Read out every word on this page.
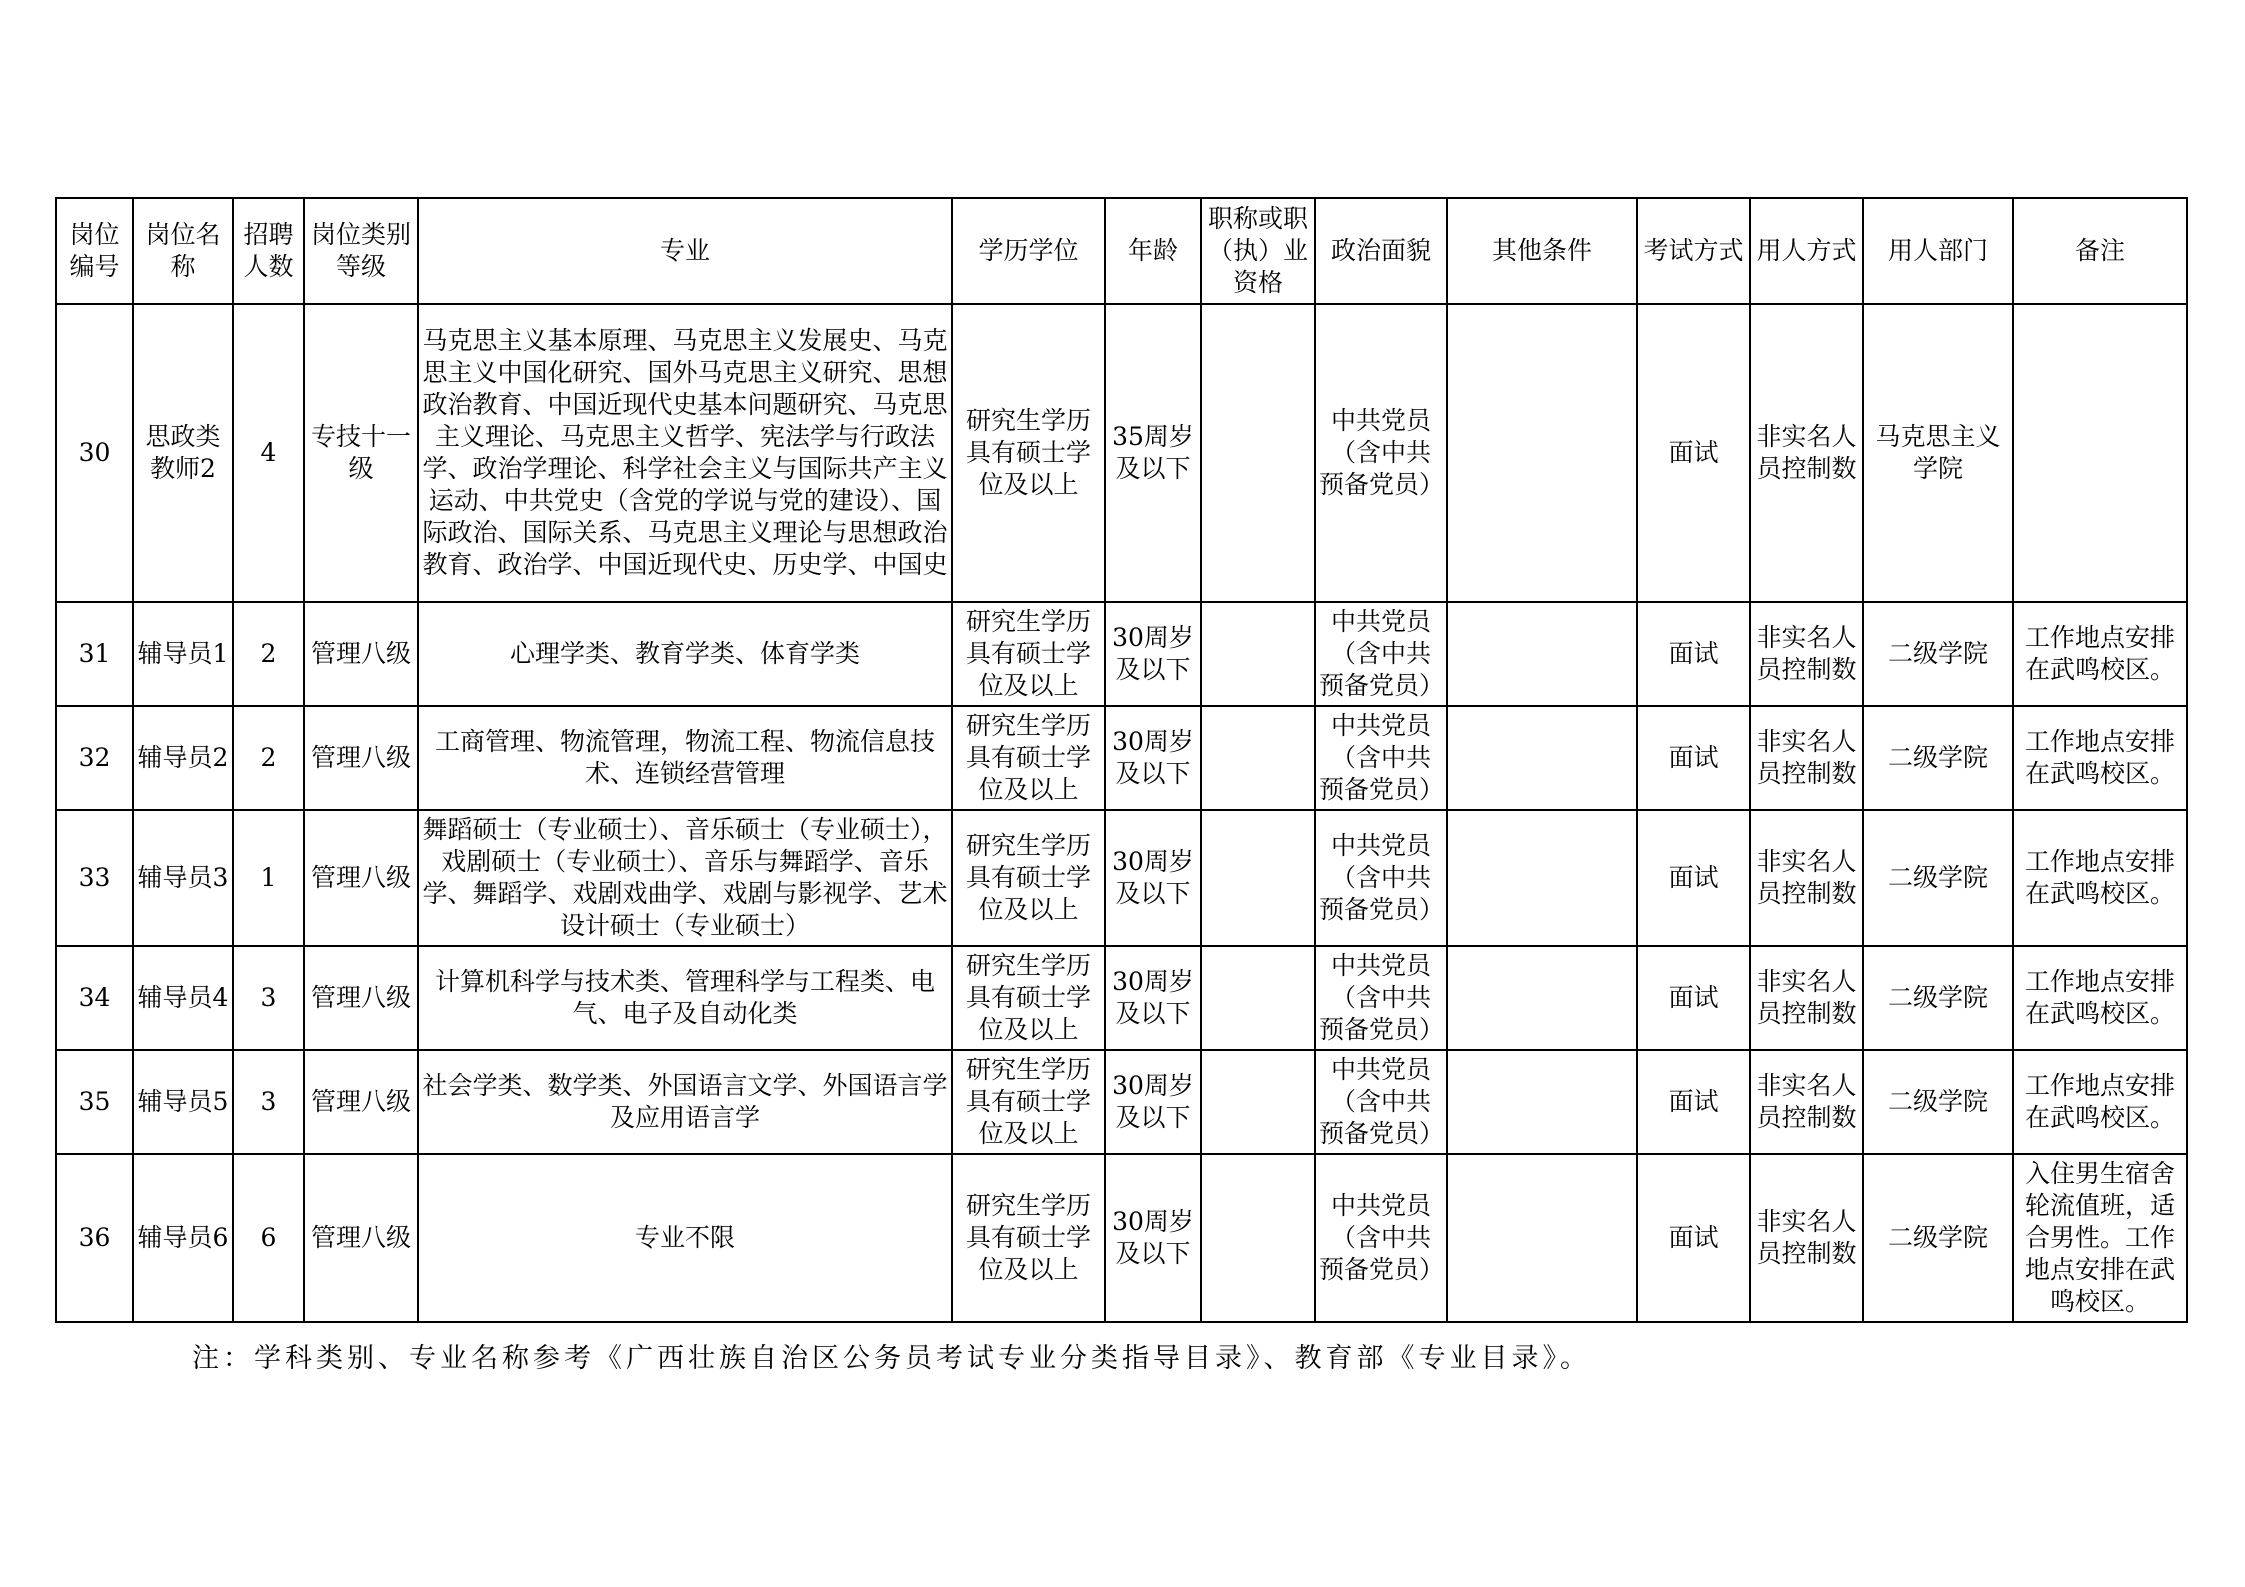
岗位编号	岗位名称	招聘人数	岗位类别等级	专业	学历学位	年龄	职称或职（执）业资格	政治面貌	其他条件	考试方式	用人方式	用人部门	备注
30	思政类教师2	4	专技十一级	马克思主义基本原理、马克思主义发展史、马克思主义中国化研究、国外马克思主义研究、思想政治教育、中国近现代史基本问题研究、马克思主义理论、马克思主义哲学、宪法学与行政法学、政治学理论、科学社会主义与国际共产主义运动、中共党史（含党的学说与党的建设）、国际政治、国际关系、马克思主义理论与思想政治教育、政治学、中国近现代史、历史学、中国史	研究生学历具有硕士学位及以上	35周岁及以下		中共党员（含中共预备党员）		面试	非实名人员控制数	马克思主义学院	
31	辅导员1	2	管理八级	心理学类、教育学类、体育学类	研究生学历具有硕士学位及以上	30周岁及以下		中共党员（含中共预备党员）		面试	非实名人员控制数	二级学院	工作地点安排在武鸣校区。
32	辅导员2	2	管理八级	工商管理、物流管理，物流工程、物流信息技术、连锁经营管理	研究生学历具有硕士学位及以上	30周岁及以下		中共党员（含中共预备党员）		面试	非实名人员控制数	二级学院	工作地点安排在武鸣校区。
33	辅导员3	1	管理八级	舞蹈硕士（专业硕士）、音乐硕士（专业硕士），戏剧硕士（专业硕士）、音乐与舞蹈学、音乐学、舞蹈学、戏剧戏曲学、戏剧与影视学、艺术设计硕士（专业硕士）	研究生学历具有硕士学位及以上	30周岁及以下		中共党员（含中共预备党员）		面试	非实名人员控制数	二级学院	工作地点安排在武鸣校区。
34	辅导员4	3	管理八级	计算机科学与技术类、管理科学与工程类、电气、电子及自动化类	研究生学历具有硕士学位及以上	30周岁及以下		中共党员（含中共预备党员）		面试	非实名人员控制数	二级学院	工作地点安排在武鸣校区。
35	辅导员5	3	管理八级	社会学类、数学类、外国语言文学、外国语言学及应用语言学	研究生学历具有硕士学位及以上	30周岁及以下		中共党员（含中共预备党员）		面试	非实名人员控制数	二级学院	工作地点安排在武鸣校区。
36	辅导员6	6	管理八级	专业不限	研究生学历具有硕士学位及以上	30周岁及以下		中共党员（含中共预备党员）		面试	非实名人员控制数	二级学院	入住男生宿舍轮流值班，适合男性。工作地点安排在武鸣校区。
注：学科类别、专业名称参考《广西壮族自治区公务员考试专业分类指导目录》、教育部《专业目录》。
